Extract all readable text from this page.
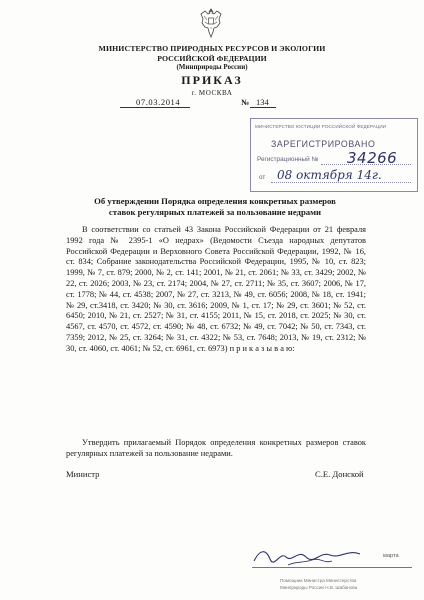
МИНИСТЕРСТВО ПРИРОДНЫХ РЕСУРСОВ И ЭКОЛОГИИ
РОССИЙСКОЙ ФЕДЕРАЦИИ
(Минприроды России)
ПРИКАЗ
г. МОСКВА
07.03.2014	№ 134
МИНИСТЕРСТВО ЮСТИЦИИ РОССИЙСКОЙ ФЕДЕРАЦИИ
ЗАРЕГИСТРИРОВАНО
Регистрационный № 34266
от 08 октября 14г.
Об утверждении Порядка определения конкретных размеров ставок регулярных платежей за пользование недрами
В соответствии со статьей 43 Закона Российской Федерации от 21 февраля 1992 года № 2395-1 «О недрах» (Ведомости Съезда народных депутатов Российской Федерации и Верховного Совета Российской Федерации, 1992, № 16, ст. 834; Собрание законодательства Российской Федерации, 1995, № 10, ст. 823; 1999, № 7, ст. 879; 2000, № 2, ст. 141; 2001, № 21, ст. 2061; № 33, ст. 3429; 2002, № 22, ст. 2026; 2003, № 23, ст. 2174; 2004, № 27, ст. 2711; № 35, ст. 3607; 2006, № 17, ст. 1778; № 44, ст. 4538; 2007, № 27, ст. 3213, № 49, ст. 6056; 2008, № 18, ст. 1941; № 29, ст.3418, ст. 3420; № 30, ст. 3616; 2009, № 1, ст. 17; № 29, ст. 3601; № 52, ст. 6450; 2010, № 21, ст. 2527; № 31, ст. 4155; 2011, № 15, ст. 2018, ст. 2025; № 30, ст. 4567, ст. 4570, ст. 4572, ст. 4590; № 48, ст. 6732; № 49, ст. 7042; № 50, ст. 7343, ст. 7359; 2012, № 25, ст. 3264; № 31, ст. 4322; № 53, ст. 7648; 2013, № 19, ст. 2312; № 30, ст. 4060, ст. 4061; № 52, ст. 6961, ст. 6973) п р и к а з ы в а ю:
Утвердить прилагаемый Порядок определения конкретных размеров ставок регулярных платежей за пользование недрами.
Министр	С.Е. Донской
марта
Помощник Министра Министерства
Минприроды России Н.В. Шабанова
